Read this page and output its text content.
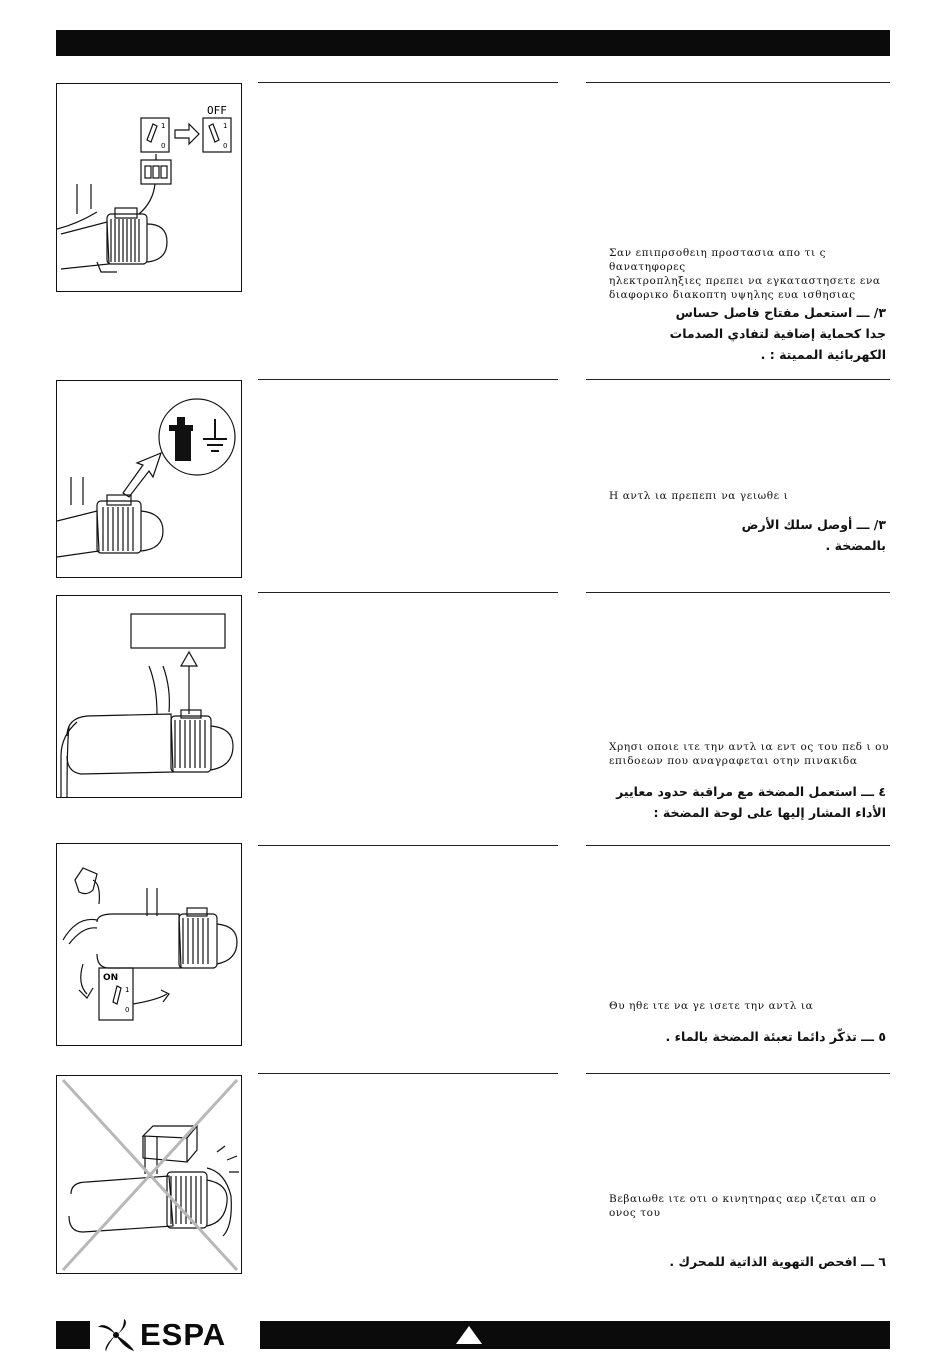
OFF
1
0
1
0
Σαν επιπρσοθειη προστασια απο τι ς θανατηφορες
ηλεκτροπληξιες πρεπει να εγκαταστησετε ενα
διαφορικο διακοπτη υψηλης ευα ισθησιας
٣/ ـــ استعمل مفتاح فاصل حساس
جدا كحماية إضافية لتفادي الصدمات
الكهربائية المميتة : .
Η αντλ ια πρεπεπι να γειωθε ι
٣/ ـــ أوصل سلك الأرض
بالمضخة .
Χρησι οποιε ιτε την αντλ ια εντ ος του πεδ ι ου
επιδοεων που αναγραφεται οτην πινακιδα
٤ ـــ استعمل المضخة مع مراقبة حدود معايير
الأداء المشار إليها على لوحة المضخة :
ON
1
0	Θυ ηθε ιτε να γε ισετε την αντλ ια
٥ ـــ تذكّر دائما تعبئة المضخة بالماء .
Βεβαιωθε ιτε οτι ο κινητηρας αερ ιζεται απ ο
ονος του
٦ ـــ افحص التهوية الذاتية للمحرك .
ESPA
